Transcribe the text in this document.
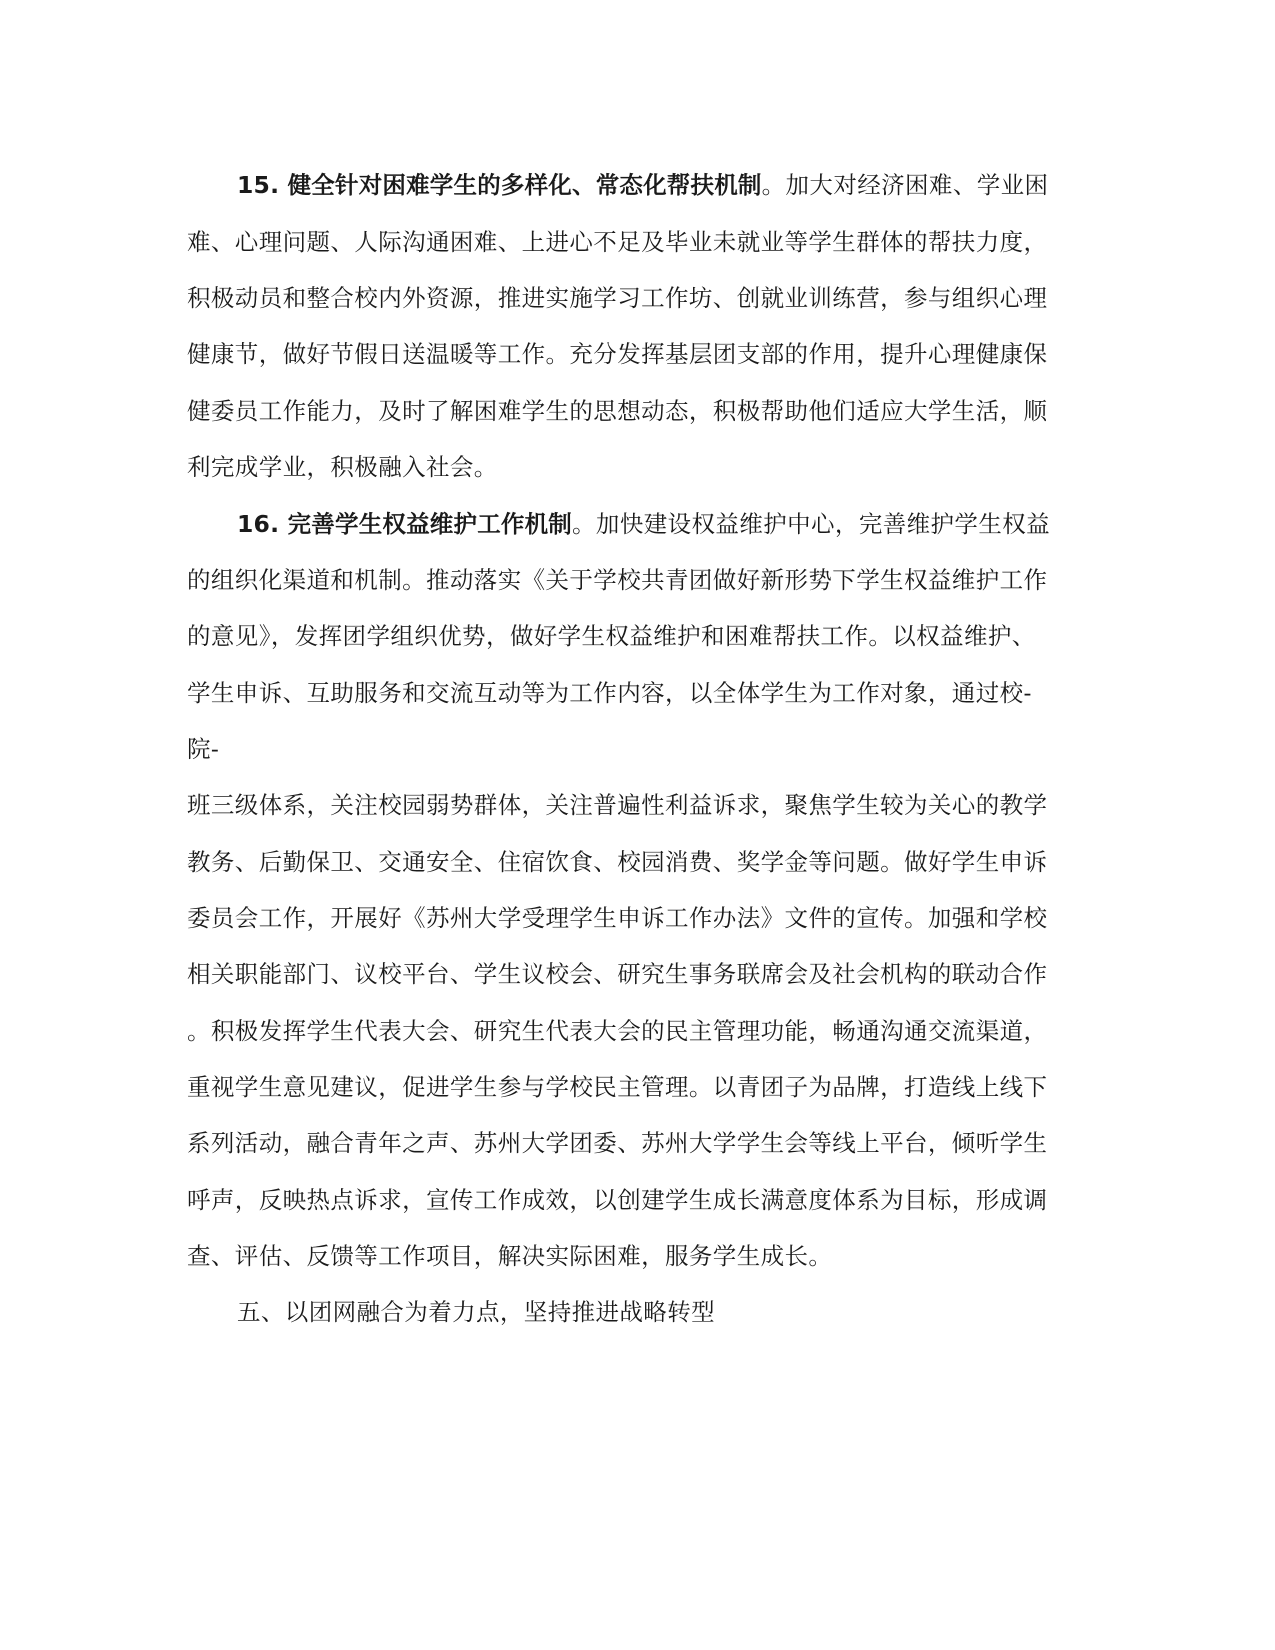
15. 健全针对困难学生的多样化、常态化帮扶机制。加大对经济困难、学业困
难、心理问题、人际沟通困难、上进心不足及毕业未就业等学生群体的帮扶力度，
积极动员和整合校内外资源，推进实施学习工作坊、创就业训练营，参与组织心理
健康节，做好节假日送温暖等工作。充分发挥基层团支部的作用，提升心理健康保
健委员工作能力，及时了解困难学生的思想动态，积极帮助他们适应大学生活，顺
利完成学业，积极融入社会。
16. 完善学生权益维护工作机制。加快建设权益维护中心，完善维护学生权益
的组织化渠道和机制。推动落实《关于学校共青团做好新形势下学生权益维护工作
的意见》，发挥团学组织优势，做好学生权益维护和困难帮扶工作。以权益维护、
学生申诉、互助服务和交流互动等为工作内容，以全体学生为工作对象，通过校-
院-
班三级体系，关注校园弱势群体，关注普遍性利益诉求，聚焦学生较为关心的教学
教务、后勤保卫、交通安全、住宿饮食、校园消费、奖学金等问题。做好学生申诉
委员会工作，开展好《苏州大学受理学生申诉工作办法》文件的宣传。加强和学校
相关职能部门、议校平台、学生议校会、研究生事务联席会及社会机构的联动合作
。积极发挥学生代表大会、研究生代表大会的民主管理功能，畅通沟通交流渠道，
重视学生意见建议，促进学生参与学校民主管理。以青团子为品牌，打造线上线下
系列活动，融合青年之声、苏州大学团委、苏州大学学生会等线上平台，倾听学生
呼声，反映热点诉求，宣传工作成效，以创建学生成长满意度体系为目标，形成调
查、评估、反馈等工作项目，解决实际困难，服务学生成长。
五、以团网融合为着力点，坚持推进战略转型
